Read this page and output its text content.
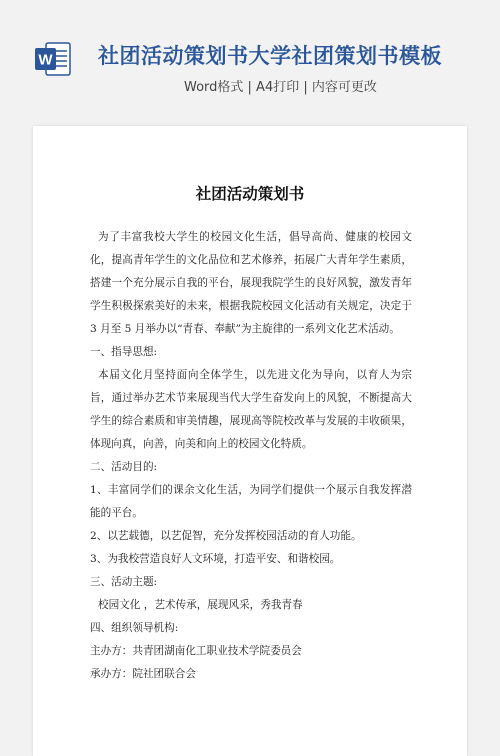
W 社团活动策划书大学社团策划书模板
Word格式 | A4打印 | 内容可更改
社团活动策划书

为了丰富我校大学生的校园文化生活，倡导高尚、健康的校园文化，提高青年学生的文化品位和艺术修养，拓展广大青年学生素质，搭建一个充分展示自我的平台，展现我院学生的良好风貌，激发青年学生积极探索美好的未来，根据我院校园文化活动有关规定，决定于 3 月至 5 月举办以“青春、奉献”为主旋律的一系列文化艺术活动。

一、指导思想:

本届文化月坚持面向全体学生，以先进文化为导向，以育人为宗旨，通过举办艺术节来展现当代大学生奋发向上的风貌，不断提高大学生的综合素质和审美情趣，展现高等院校改革与发展的丰收硕果，体现向真，向善，向美和向上的校园文化特质。

二、活动目的:

1、丰富同学们的课余文化生活，为同学们提供一个展示自我发挥潜能的平台。

2、以艺载德，以艺促智，充分发挥校园活动的育人功能。

3、为我校营造良好人文环境，打造平安、和谐校园。

三、活动主题:

校园文化 ，艺术传承，展现风采，秀我青春

四、组织领导机构:

主办方：共青团湖南化工职业技术学院委员会

承办方：院社团联合会
